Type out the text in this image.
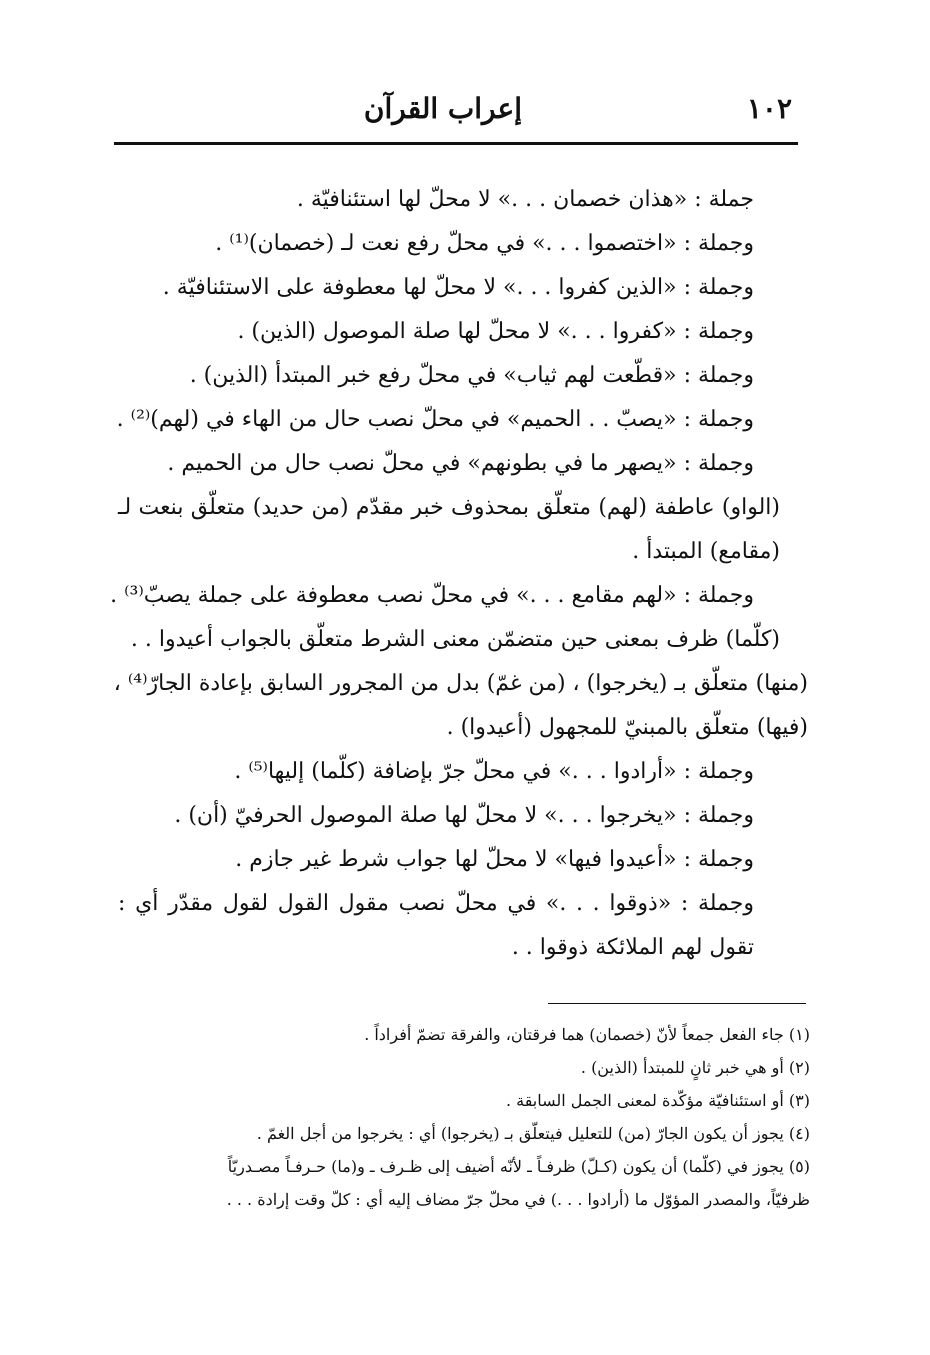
١٠٢
إعراب القرآن

جملة : «هذان خصمان . . .» لا محلّ لها استئنافيّة .

وجملة : «اختصموا . . .» في محلّ رفع نعت لـ (خصمان)⁽¹⁾ .

وجملة : «الذين كفروا . . .» لا محلّ لها معطوفة على الاستئنافيّة .

وجملة : «كفروا . . .» لا محلّ لها صلة الموصول (الذين) .

وجملة : «قطّعت لهم ثياب» في محلّ رفع خبر المبتدأ (الذين) .

وجملة : «يصبّ . . الحميم» في محلّ نصب حال من الهاء في (لهم)⁽²⁾ .

وجملة : «يصهر ما في بطونهم» في محلّ نصب حال من الحميم .

(الواو) عاطفة (لهم) متعلّق بمحذوف خبر مقدّم (من حديد) متعلّق بنعت لـ (مقامع) المبتدأ .

وجملة : «لهم مقامع . . .» في محلّ نصب معطوفة على جملة يصبّ⁽³⁾ .

(كلّما) ظرف بمعنى حين متضمّن معنى الشرط متعلّق بالجواب أعيدوا . .

(منها) متعلّق بـ (يخرجوا) ، (من غمّ) بدل من المجرور السابق بإعادة الجارّ⁽⁴⁾ ،

(فيها) متعلّق بالمبنيّ للمجهول (أعيدوا) .

وجملة : «أرادوا . . .» في محلّ جرّ بإضافة (كلّما) إليها⁽⁵⁾ .

وجملة : «يخرجوا . . .» لا محلّ لها صلة الموصول الحرفيّ (أن) .

وجملة : «أعيدوا فيها» لا محلّ لها جواب شرط غير جازم .

وجملة : «ذوقوا . . .» في محلّ نصب مقول القول لقول مقدّر أي : تقول لهم الملائكة ذوقوا . .

(١) جاء الفعل جمعاً لأنّ (خصمان) هما فرقتان، والفرقة تضمّ أفراداً .

(٢) أو هي خبر ثانٍ للمبتدأ (الذين) .

(٣) أو استئنافيّة مؤكّدة لمعنى الجمل السابقة .

(٤) يجوز أن يكون الجارّ (من) للتعليل فيتعلّق بـ (يخرجوا) أي : يخرجوا من أجل الغمّ .

(٥) يجوز في (كلّما) أن يكون (كـلّ) ظرفـاً ـ لأنّه أضيف إلى ظـرف ـ و(ما) حـرفـاً مصـدريّاً

ظرفيّاً، والمصدر المؤوّل ما (أرادوا . . .) في محلّ جرّ مضاف إليه أي : كلّ وقت إرادة . . .
